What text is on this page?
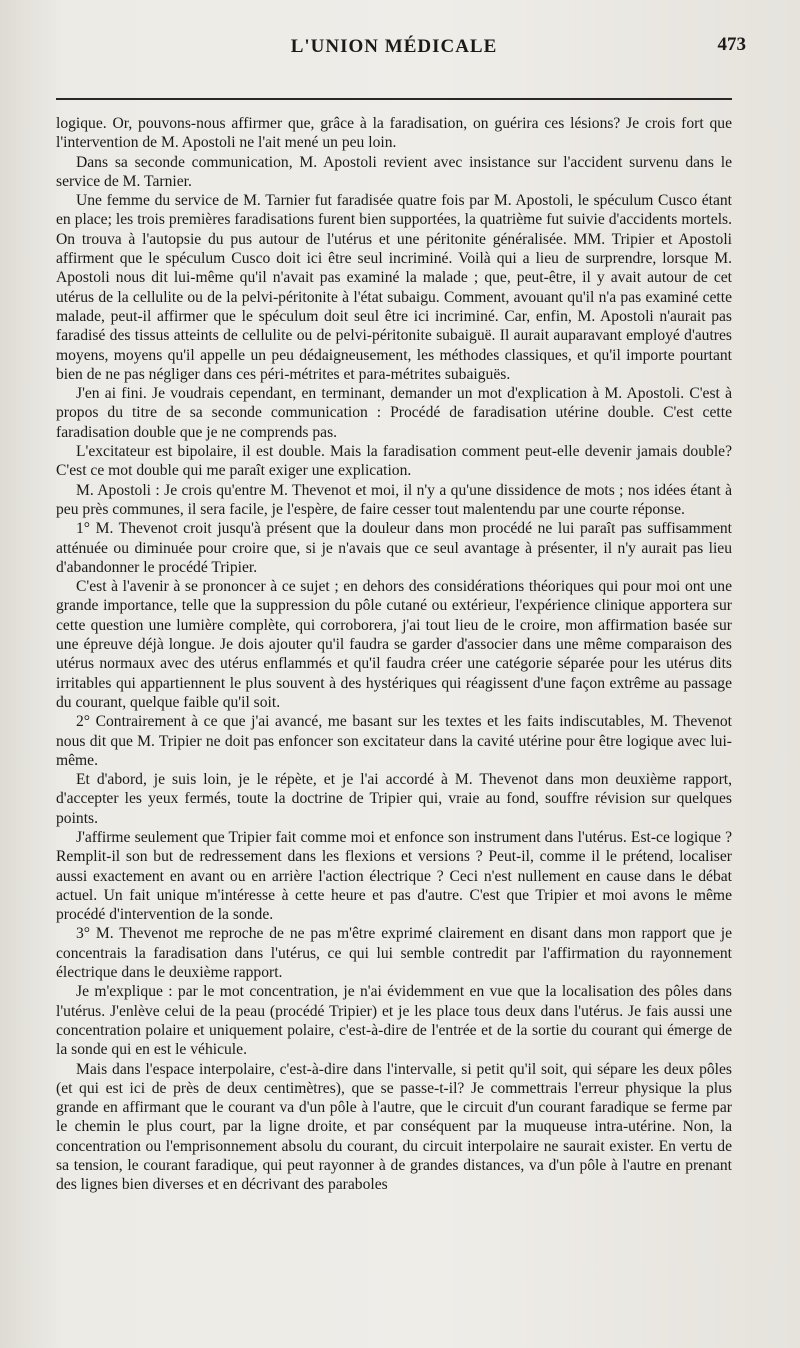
L'UNION MÉDICALE	473

logique. Or, pouvons-nous affirmer que, grâce à la faradisation, on guérira ces lésions? Je crois fort que l'intervention de M. Apostoli ne l'ait mené un peu loin.

Dans sa seconde communication, M. Apostoli revient avec insistance sur l'accident survenu dans le service de M. Tarnier.

Une femme du service de M. Tarnier fut faradisée quatre fois par M. Apostoli, le spéculum Cusco étant en place; les trois premières faradisations furent bien supportées, la quatrième fut suivie d'accidents mortels. On trouva à l'autopsie du pus autour de l'utérus et une péritonite généralisée. MM. Tripier et Apostoli affirment que le spéculum Cusco doit ici être seul incriminé. Voilà qui a lieu de surprendre, lorsque M. Apostoli nous dit lui-même qu'il n'avait pas examiné la malade ; que, peut-être, il y avait autour de cet utérus de la cellulite ou de la pelvi-péritonite à l'état subaigu. Comment, avouant qu'il n'a pas examiné cette malade, peut-il affirmer que le spéculum doit seul être ici incriminé. Car, enfin, M. Apostoli n'aurait pas faradisé des tissus atteints de cellulite ou de pelvi-péritonite subaiguë. Il aurait auparavant employé d'autres moyens, moyens qu'il appelle un peu dédaigneusement, les méthodes classiques, et qu'il importe pourtant bien de ne pas négliger dans ces péri-métrites et para-métrites subaiguës.

J'en ai fini. Je voudrais cependant, en terminant, demander un mot d'explication à M. Apostoli. C'est à propos du titre de sa seconde communication : Procédé de faradisation utérine double. C'est cette faradisation double que je ne comprends pas.

L'excitateur est bipolaire, il est double. Mais la faradisation comment peut-elle devenir jamais double? C'est ce mot double qui me paraît exiger une explication.

M. Apostoli : Je crois qu'entre M. Thevenot et moi, il n'y a qu'une dissidence de mots ; nos idées étant à peu près communes, il sera facile, je l'espère, de faire cesser tout malentendu par une courte réponse.

1° M. Thevenot croit jusqu'à présent que la douleur dans mon procédé ne lui paraît pas suffisamment atténuée ou diminuée pour croire que, si je n'avais que ce seul avantage à présenter, il n'y aurait pas lieu d'abandonner le procédé Tripier.

C'est à l'avenir à se prononcer à ce sujet ; en dehors des considérations théoriques qui pour moi ont une grande importance, telle que la suppression du pôle cutané ou extérieur, l'expérience clinique apportera sur cette question une lumière complète, qui corroborera, j'ai tout lieu de le croire, mon affirmation basée sur une épreuve déjà longue. Je dois ajouter qu'il faudra se garder d'associer dans une même comparaison des utérus normaux avec des utérus enflammés et qu'il faudra créer une catégorie séparée pour les utérus dits irritables qui appartiennent le plus souvent à des hystériques qui réagissent d'une façon extrême au passage du courant, quelque faible qu'il soit.

2° Contrairement à ce que j'ai avancé, me basant sur les textes et les faits indiscutables, M. Thevenot nous dit que M. Tripier ne doit pas enfoncer son excitateur dans la cavité utérine pour être logique avec lui-même.

Et d'abord, je suis loin, je le répète, et je l'ai accordé à M. Thevenot dans mon deuxième rapport, d'accepter les yeux fermés, toute la doctrine de Tripier qui, vraie au fond, souffre révision sur quelques points.

J'affirme seulement que Tripier fait comme moi et enfonce son instrument dans l'utérus. Est-ce logique ? Remplit-il son but de redressement dans les flexions et versions ? Peut-il, comme il le prétend, localiser aussi exactement en avant ou en arrière l'action électrique ? Ceci n'est nullement en cause dans le débat actuel. Un fait unique m'intéresse à cette heure et pas d'autre. C'est que Tripier et moi avons le même procédé d'intervention de la sonde.

3° M. Thevenot me reproche de ne pas m'être exprimé clairement en disant dans mon rapport que je concentrais la faradisation dans l'utérus, ce qui lui semble contredit par l'affirmation du rayonnement électrique dans le deuxième rapport.

Je m'explique : par le mot concentration, je n'ai évidemment en vue que la localisation des pôles dans l'utérus. J'enlève celui de la peau (procédé Tripier) et je les place tous deux dans l'utérus. Je fais aussi une concentration polaire et uniquement polaire, c'est-à-dire de l'entrée et de la sortie du courant qui émerge de la sonde qui en est le véhicule.

Mais dans l'espace interpolaire, c'est-à-dire dans l'intervalle, si petit qu'il soit, qui sépare les deux pôles (et qui est ici de près de deux centimètres), que se passe-t-il? Je commettrais l'erreur physique la plus grande en affirmant que le courant va d'un pôle à l'autre, que le circuit d'un courant faradique se ferme par le chemin le plus court, par la ligne droite, et par conséquent par la muqueuse intra-utérine. Non, la concentration ou l'emprisonnement absolu du courant, du circuit interpolaire ne saurait exister. En vertu de sa tension, le courant faradique, qui peut rayonner à de grandes distances, va d'un pôle à l'autre en prenant des lignes bien diverses et en décrivant des paraboles
